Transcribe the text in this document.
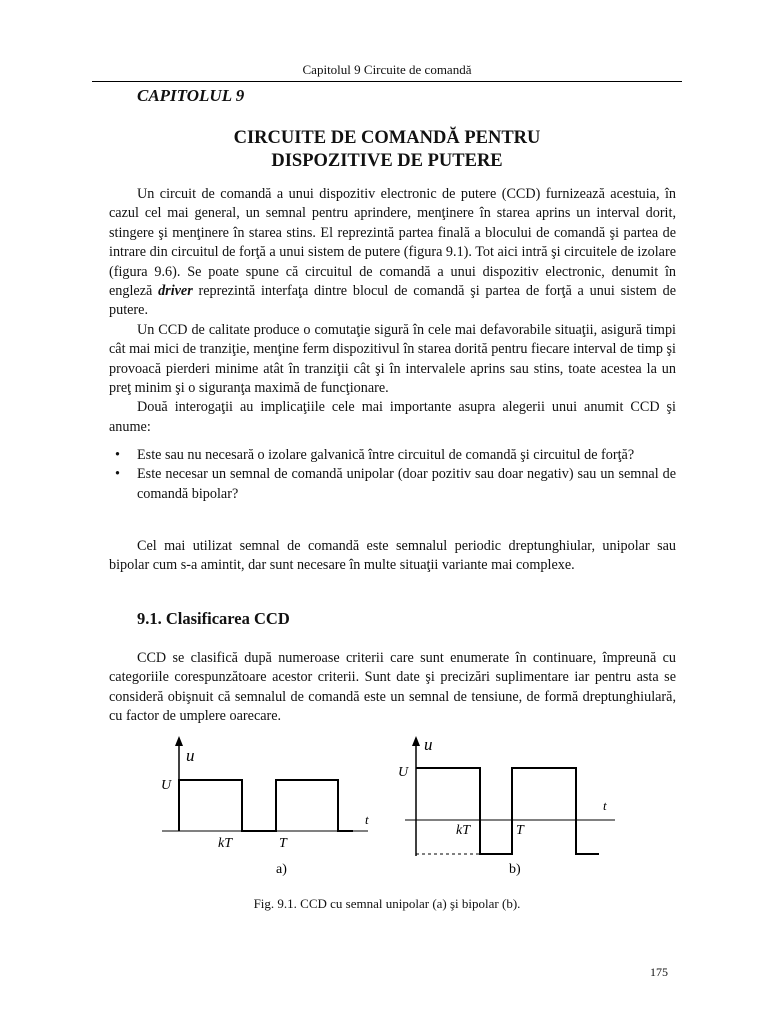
Capitolul 9 Circuite de comandă
CAPITOLUL 9
CIRCUITE DE COMANDĂ PENTRU
DISPOZITIVE DE PUTERE

Un circuit de comandă a unui dispozitiv electronic de putere (CCD) furnizează acestuia, în cazul cel mai general, un semnal pentru aprindere, menţinere în starea aprins un interval dorit, stingere şi menţinere în starea stins. El reprezintă partea finală a blocului de comandă şi partea de intrare din circuitul de forţă a unui sistem de putere (figura 9.1). Tot aici intră şi circuitele de izolare (figura 9.6). Se poate spune că circuitul de comandă a unui dispozitiv electronic, denumit în engleză driver reprezintă interfaţa dintre blocul de comandă şi partea de forţă a unui sistem de putere.

Un CCD de calitate produce o comutaţie sigură în cele mai defavorabile situaţii, asigură timpi cât mai mici de tranziţie, menţine ferm dispozitivul în starea dorită pentru fiecare interval de timp şi provoacă pierderi minime atât în tranziţii cât şi în intervalele aprins sau stins, toate acestea la un preţ minim şi o siguranţa maximă de funcţionare.

Două interogaţii au implicaţiile cele mai importante asupra alegerii unui anumit CCD şi anume:

• Este sau nu necesară o izolare galvanică între circuitul de comandă şi circuitul de forţă?
• Este necesar un semnal de comandă unipolar (doar pozitiv sau doar negativ) sau un semnal de comandă bipolar?

Cel mai utilizat semnal de comandă este semnalul periodic dreptunghiular, unipolar sau bipolar cum s-a amintit, dar sunt necesare în multe situaţii variante mai complexe.

9.1. Clasificarea CCD

CCD se clasifică după numeroase criterii care sunt enumerate în continuare, împreună cu categoriile corespunzătoare acestor criterii. Sunt date şi precizări suplimentare iar pentru asta se consideră obişnuit că semnalul de comandă este un semnal de tensiune, de formă dreptunghiulară, cu factor de umplere oarecare.

u
U
t
kT	T
a)
u
U
t
kT	T
b)
Fig. 9.1. CCD cu semnal unipolar (a) şi bipolar (b).
175
